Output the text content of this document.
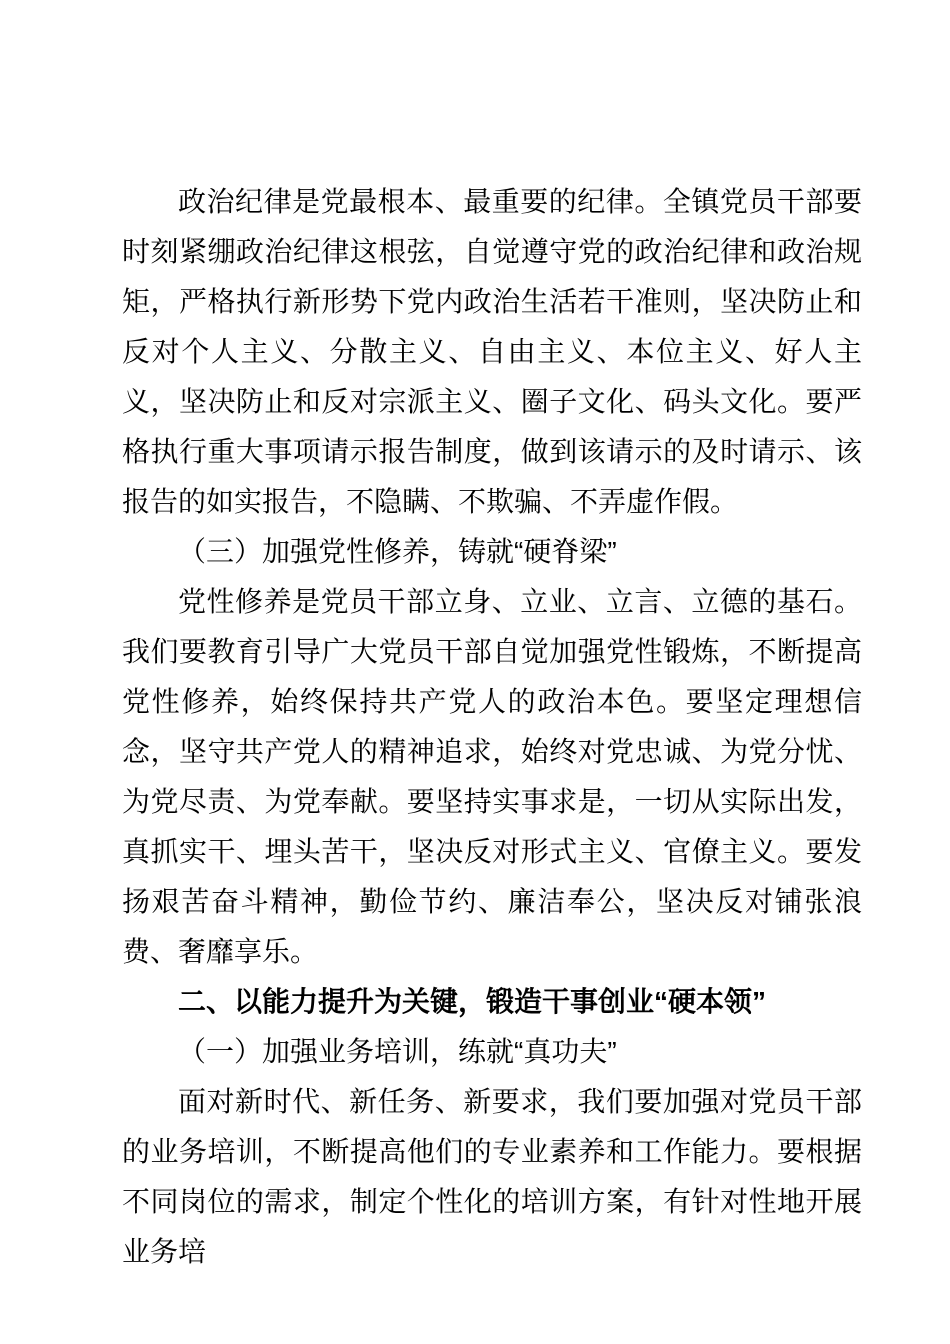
政治纪律是党最根本、最重要的纪律。全镇党员干部要时刻紧绷政治纪律这根弦，自觉遵守党的政治纪律和政治规矩，严格执行新形势下党内政治生活若干准则，坚决防止和反对个人主义、分散主义、自由主义、本位主义、好人主义，坚决防止和反对宗派主义、圈子文化、码头文化。要严格执行重大事项请示报告制度，做到该请示的及时请示、该报告的如实报告，不隐瞒、不欺骗、不弄虚作假。

（三）加强党性修养，铸就“硬脊梁”

党性修养是党员干部立身、立业、立言、立德的基石。我们要教育引导广大党员干部自觉加强党性锻炼，不断提高党性修养，始终保持共产党人的政治本色。要坚定理想信念，坚守共产党人的精神追求，始终对党忠诚、为党分忧、为党尽责、为党奉献。要坚持实事求是，一切从实际出发，真抓实干、埋头苦干，坚决反对形式主义、官僚主义。要发扬艰苦奋斗精神，勤俭节约、廉洁奉公，坚决反对铺张浪费、奢靡享乐。

二、以能力提升为关键，锻造干事创业“硬本领”

（一）加强业务培训，练就“真功夫”

面对新时代、新任务、新要求，我们要加强对党员干部的业务培训，不断提高他们的专业素养和工作能力。要根据不同岗位的需求，制定个性化的培训方案，有针对性地开展业务培
